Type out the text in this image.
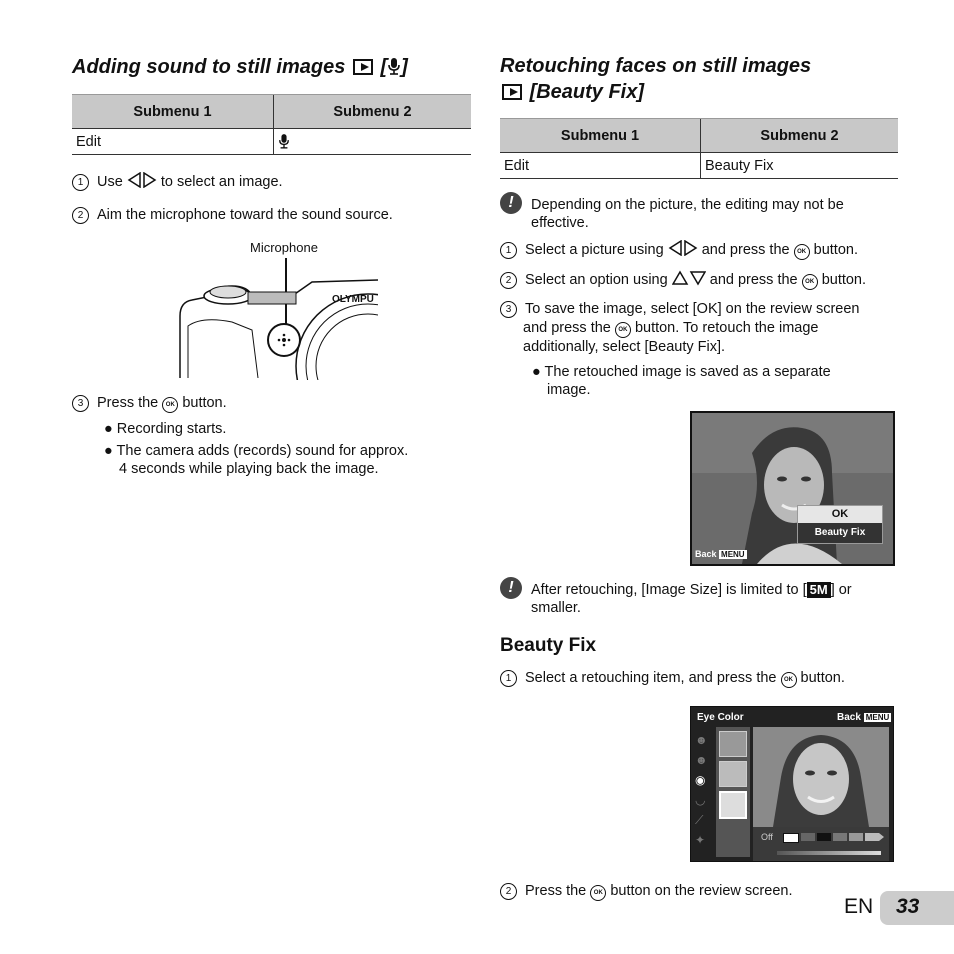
Adding sound to still images [ ]
Submenu 1	Submenu 2
Edit	
1 Use	to select an image.
2 Aim the microphone toward the sound source.
Microphone
OLYMPU
3 Press the OK button.
● Recording starts.
● The camera adds (records) sound for approx.
4 seconds while playing back the image.
Retouching faces on still images
[Beauty Fix]
Submenu 1	Submenu 2
Edit	Beauty Fix
!	Depending on the picture, the editing may not be
effective.
1 Select a picture using	and press the OK button.
2 Select an option using	and press the OK button.
3 To save the image, select [OK] on the review screen
and press the OK button. To retouch the image
additionally, select [Beauty Fix].
● The retouched image is saved as a separate
image.
OK
Beauty Fix
Back MENU
!	After retouching, [Image Size] is limited to [ 5M ] or
smaller.
Beauty Fix
1 Select a retouching item, and press the OK button.
Eye Color	Back MENU
☻
☻
◉
◡
⟋
✦	Off
2 Press the OK button on the review screen.
EN 33
